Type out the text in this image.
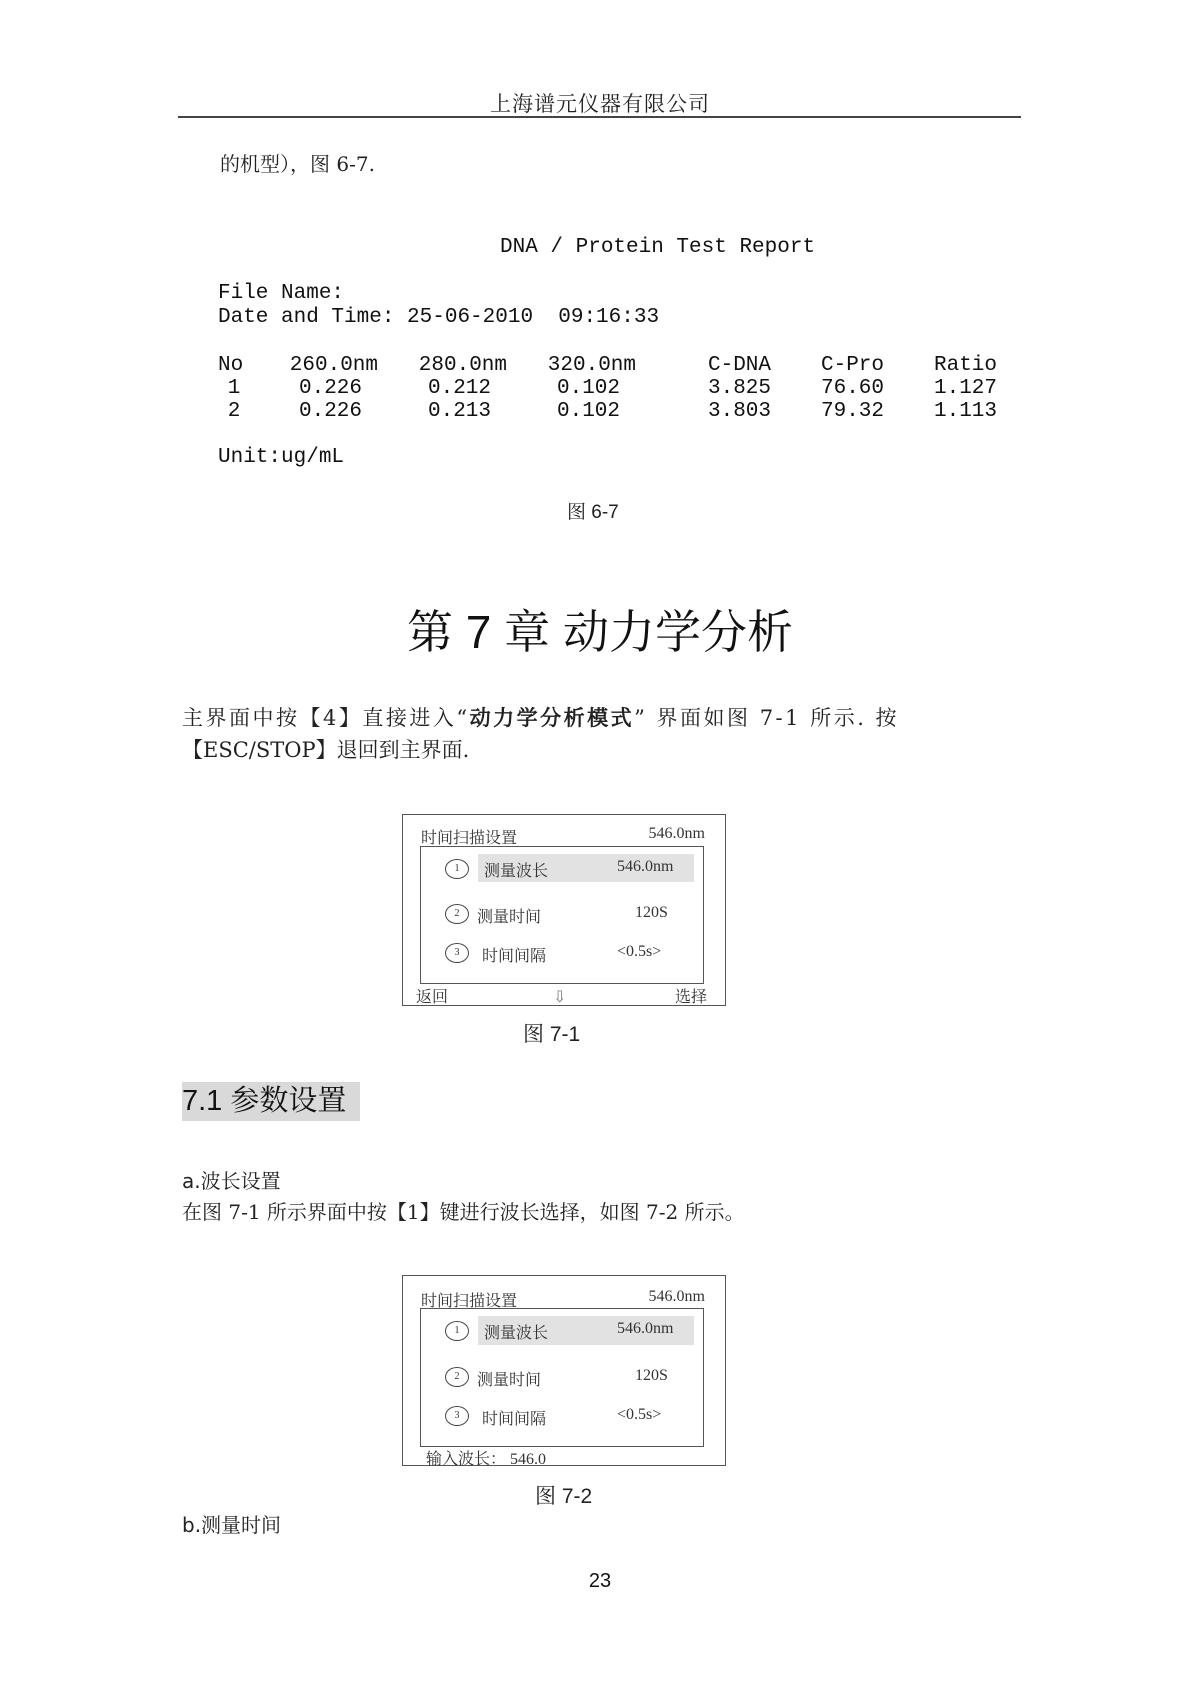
上海谱元仪器有限公司
的机型），图 6-7.
DNA / Protein Test Report
File Name:
Date and Time: 25-06-2010  09:16:33
No	260.0nm	280.0nm	320.0nm	C-DNA	C-Pro	Ratio
1	0.226	0.212	0.102	3.825	76.60	1.127
2	0.226	0.213	0.102	3.803	79.32	1.113
Unit:ug/mL
图 6-7
第 7 章 动力学分析
主界面中按【4】直接进入“动力学分析模式” 界面如图 7-1 所示. 按
【ESC/STOP】退回到主界面.
时间扫描设置	546.0nm
1	测量波长	546.0nm
2	测量时间	120S
3	时间间隔	<0.5s>
返回	⇩	选择
图 7-1
7.1 参数设置
a.波长设置
在图 7-1 所示界面中按【1】键进行波长选择，如图 7-2 所示。
时间扫描设置	546.0nm
1	测量波长	546.0nm
2	测量时间	120S
3	时间间隔	<0.5s>
输入波长： 546.0
图 7-2
b.测量时间
23
